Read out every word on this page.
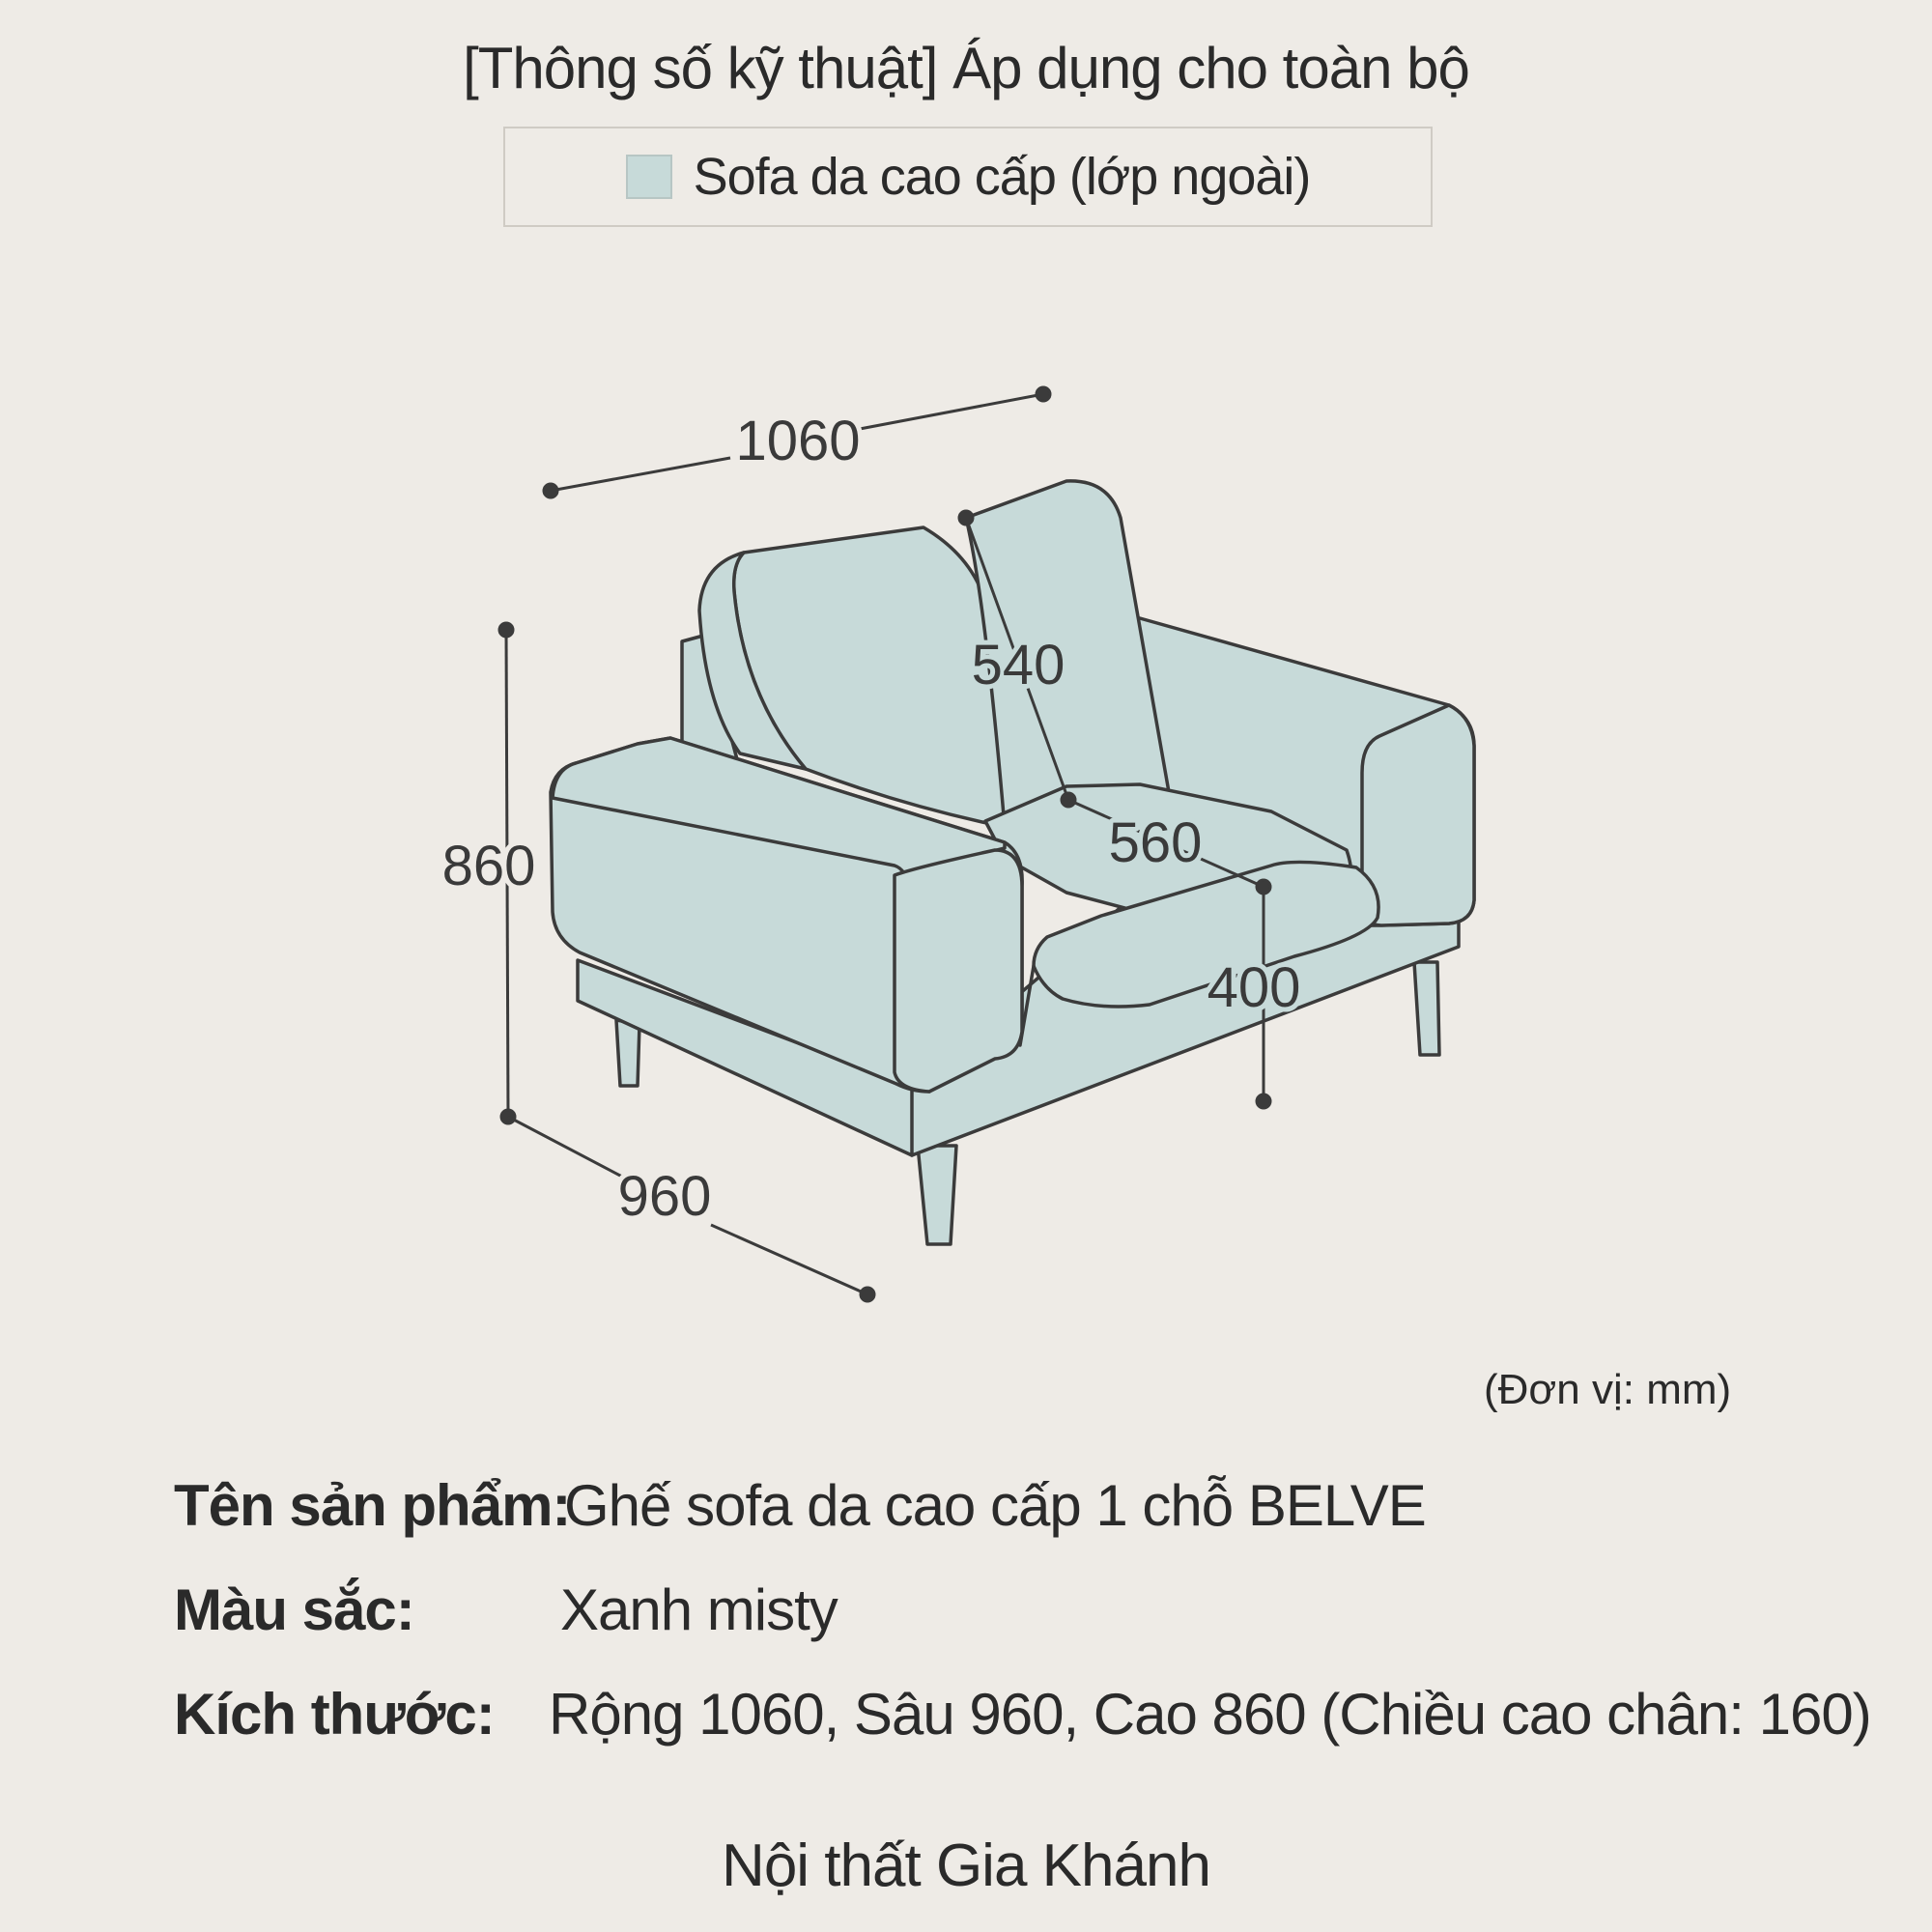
[Thông số kỹ thuật] Áp dụng cho toàn bộ
Sofa da cao cấp (lớp ngoài)
1060
540
560
860
400
960
(Đơn vị: mm)
Tên sản phẩm:
Ghế sofa da cao cấp 1 chỗ BELVE
Màu sắc:	Xanh misty
Kích thước: Rộng 1060, Sâu 960, Cao 860 (Chiều cao chân: 160)
Nội thất Gia Khánh
